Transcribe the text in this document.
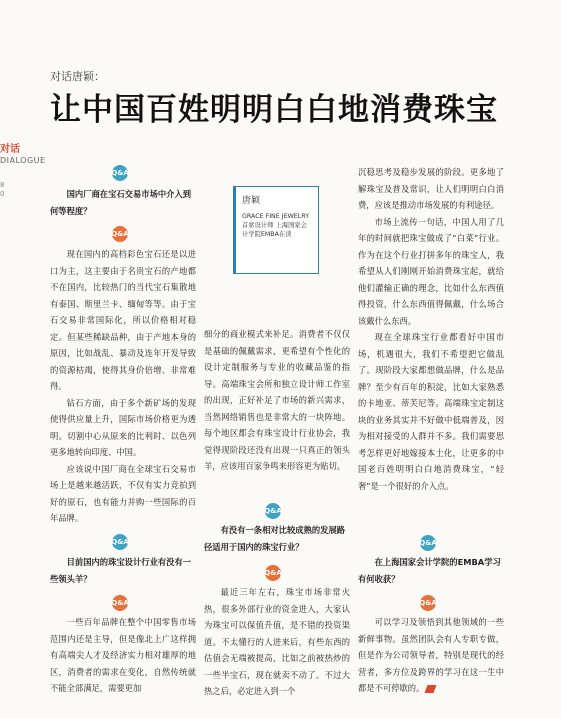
对话唐颖：
让中国百姓明明白白地消费珠宝
对话
DIALOGUE
8
0
唐颖
GRACE FINE JEWELRY首席设计师 上海国家会计学院EMBA在读
Q&A

国内厂商在宝石交易市场中介入到何等程度？

Q&A

现在国内的高档彩色宝石还是以进口为主，这主要由于名贵宝石的产地都不在国内，比较热门的当代宝石集散地有泰国、斯里兰卡、缅甸等等。由于宝石交易非常国际化，所以价格相对稳定。但某些稀缺品种，由于产地本身的原因，比如战乱、暴动及连年开发导致的资源枯竭，使得其身价倍增、非常难得。

钻石方面，由于多个新矿场的发现使得供应量上升，国际市场价格更为透明。切割中心从原来的比利时、以色列更多地转向印度、中国。

应该说中国厂商在全球宝石交易市场上是越来越活跃，不仅有实力竞拍到好的原石，也有能力并购一些国际的百年品牌。

Q&A

目前国内的珠宝设计行业有没有一些领头羊？

Q&A

一些百年品牌在整个中国零售市场范围内还是主导，但是像北上广这样拥有高端尖人才及经济实力相对雄厚的地区，消费者的需求在变化，自然传统就不能全部满足，需要更加

细分的商业模式来补足。消费者不仅仅是基础的佩戴需求，更希望有个性化的设计定制服务与专业的收藏品鉴的指导。高端珠宝会所和独立设计师工作室的出现，正好补足了市场的新兴需求，当然网络销售也是非常大的一块阵地。每个地区都会有珠宝设计行业协会，我觉得现阶段还没有出现一只真正的领头羊，应该用百家争鸣来形容更为贴切。

Q&A

有没有一条相对比较成熟的发展路径适用于国内的珠宝行业？

Q&A

最近三年左右，珠宝市场非常火热，很多外部行业的资金进入，大家认为珠宝可以保值升值，是不错的投资渠道。不太懂行的人进来后，有些东西的估值会无端被提高，比如之前被热炒的一些半宝石，现在就卖不动了。不过大热之后，必定进入到一个

沉稳思考及稳步发展的阶段。更多地了解珠宝及普及常识，让人们明明白白消费，应该是推动市场发展的有利途径。

市场上流传一句话，中国人用了几年的时间就把珠宝做成了“白菜”行业。作为在这个行业打拼多年的珠宝人，我希望从人们刚刚开始消费珠宝起，就给他们灌输正确的理念，比如什么东西值得投资，什么东西值得佩戴，什么场合该戴什么东西。

现在全球珠宝行业都看好中国市场，机遇很大，我们不希望把它做乱了。现阶段大家都想做品牌，什么是品牌？至少有百年的积淀，比如大家熟悉的卡地亚、蒂芙尼等。高端珠宝定制这块的业务其实并不好做中低端普及，因为相对接受的人群并不多。我们需要思考怎样更好地嫁接本土化，让更多的中国老百姓明明白白地消费珠宝，“轻奢”是一个很好的介入点。

Q&A

在上海国家会计学院的EMBA学习有何收获？

Q&A

可以学习及领悟到其他领域的一些新鲜事物。虽然团队会有人专职专做，但是作为公司领导者，特别是现代的经营者，多方位及跨界的学习在这一生中都是不可停歇的。
